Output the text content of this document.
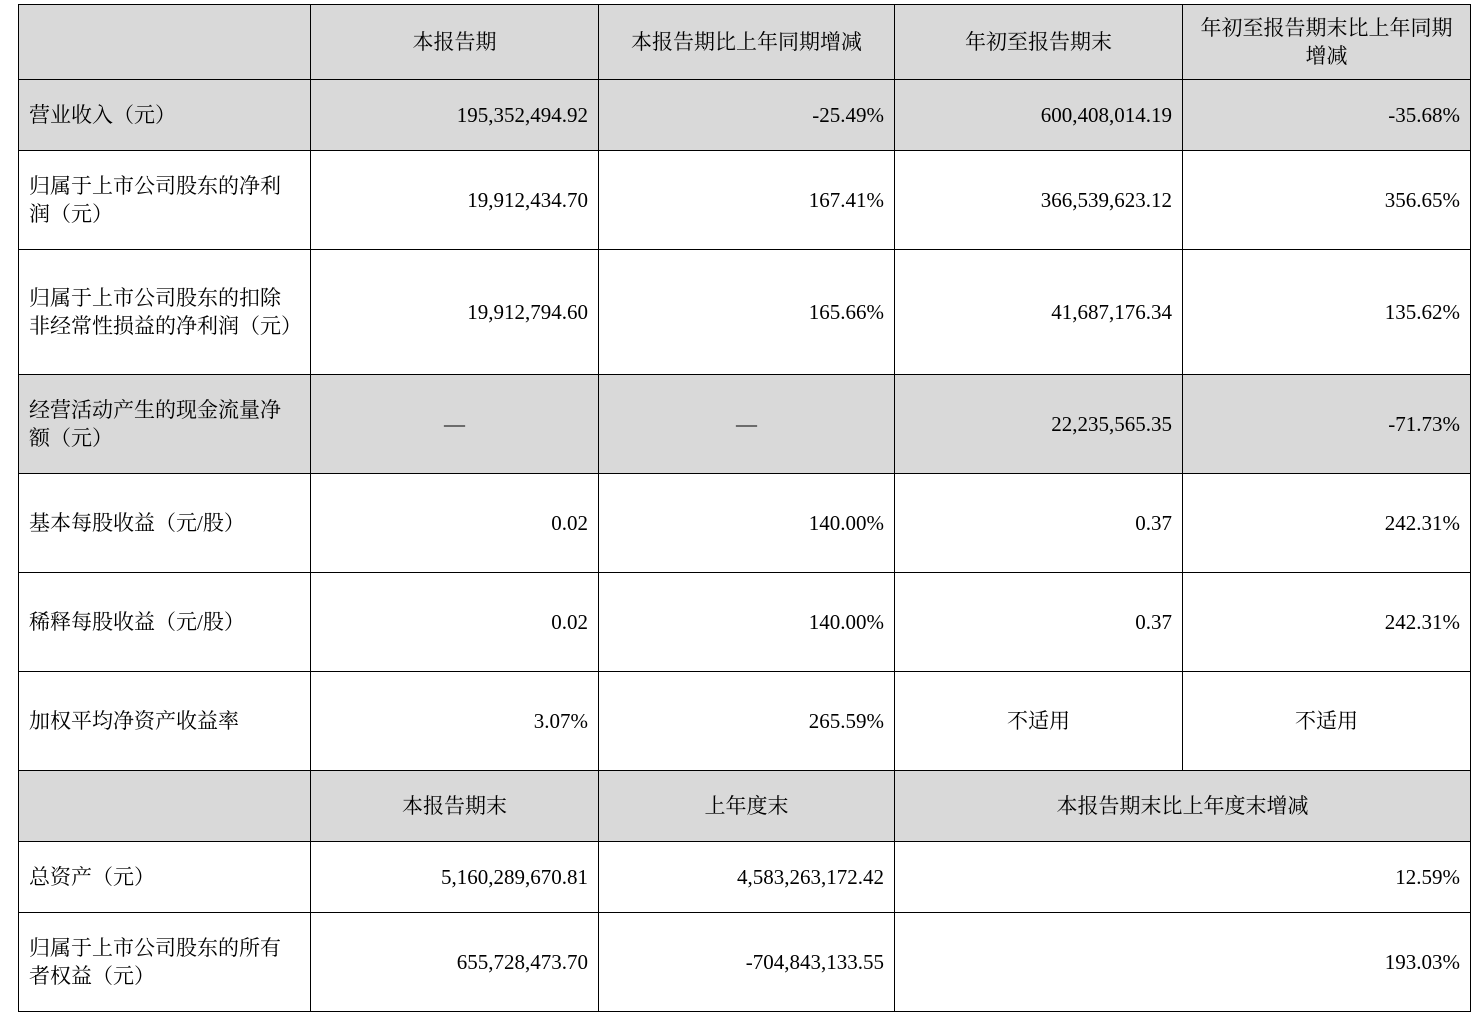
	本报告期	本报告期比上年同期增减	年初至报告期末	年初至报告期末比上年同期增减
营业收入（元）	195,352,494.92	-25.49%	600,408,014.19	-35.68%
归属于上市公司股东的净利润（元）	19,912,434.70	167.41%	366,539,623.12	356.65%
归属于上市公司股东的扣除非经常性损益的净利润（元）	19,912,794.60	165.66%	41,687,176.34	135.62%
经营活动产生的现金流量净额（元）	—	—	22,235,565.35	-71.73%
基本每股收益（元/股）	0.02	140.00%	0.37	242.31%
稀释每股收益（元/股）	0.02	140.00%	0.37	242.31%
加权平均净资产收益率	3.07%	265.59%	不适用	不适用
	本报告期末	上年度末	本报告期末比上年度末增减	
总资产（元）	5,160,289,670.81	4,583,263,172.42	12.59%	
归属于上市公司股东的所有者权益（元）	655,728,473.70	-704,843,133.55	193.03%	
